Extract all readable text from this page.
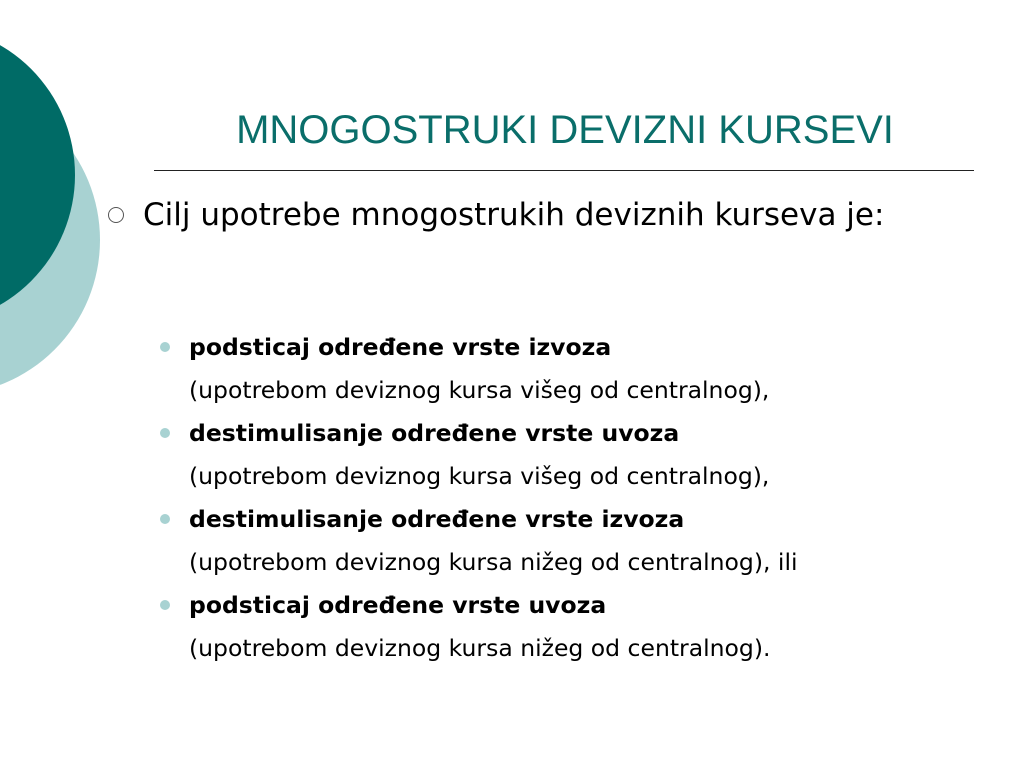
MNOGOSTRUKI DEVIZNI KURSEVI
Cilj upotrebe mnogostrukih deviznih kurseva je:
podsticaj određene vrste izvoza
(upotrebom deviznog kursa višeg od centralnog),
destimulisanje određene vrste uvoza
(upotrebom deviznog kursa višeg od centralnog),
destimulisanje određene vrste izvoza
(upotrebom deviznog kursa nižeg od centralnog), ili
podsticaj određene vrste uvoza
(upotrebom deviznog kursa nižeg od centralnog).
